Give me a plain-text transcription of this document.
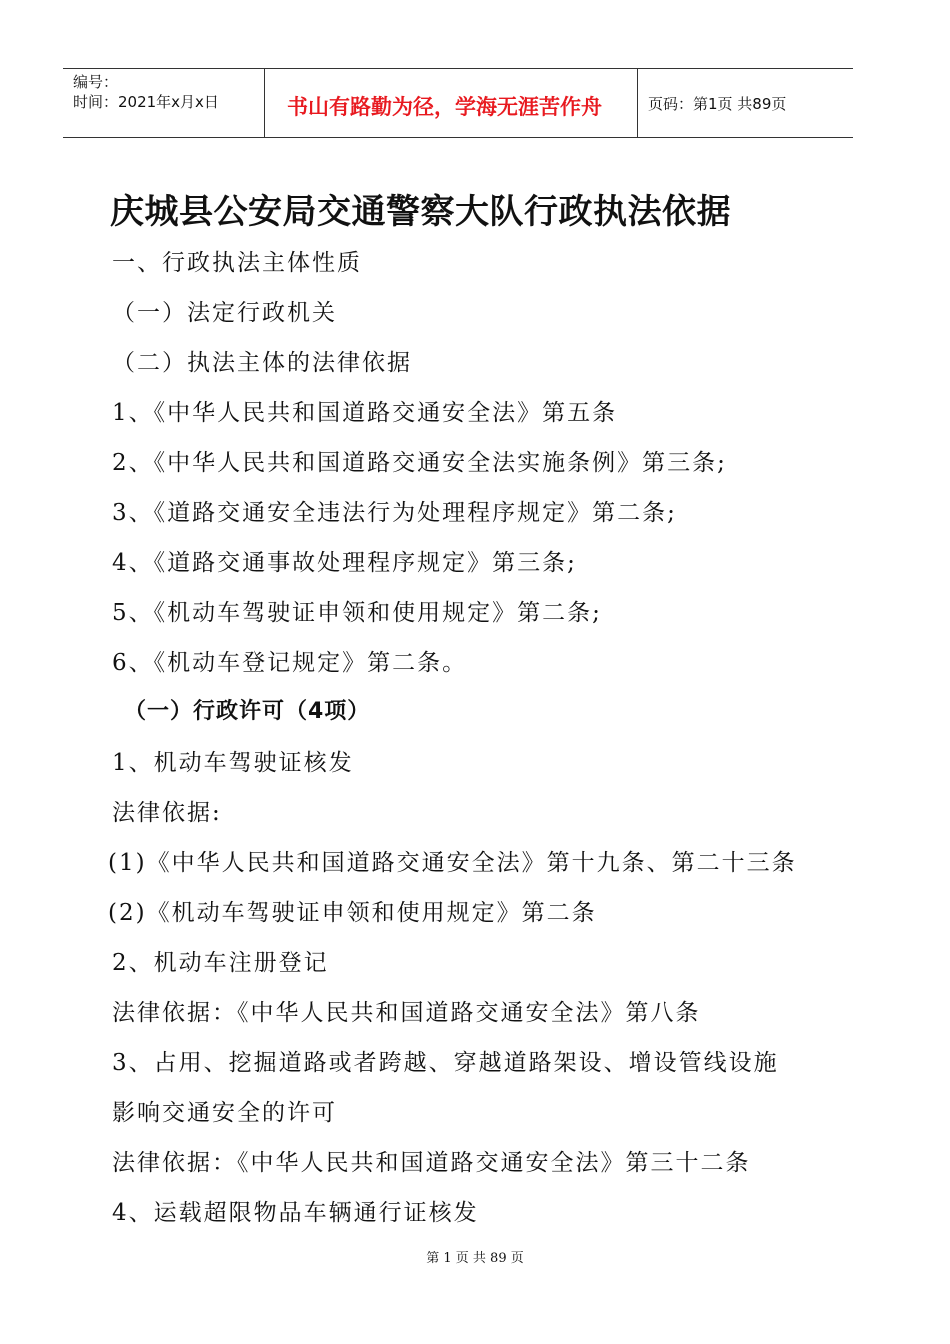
编号：
时间：2021年x月x日	书山有路勤为径，学海无涯苦作舟	页码：第1页 共89页
庆城县公安局交通警察大队行政执法依据
一、行政执法主体性质
（一）法定行政机关
（二）执法主体的法律依据
1、《中华人民共和国道路交通安全法》第五条
2、《中华人民共和国道路交通安全法实施条例》第三条;
3、《道路交通安全违法行为处理程序规定》第二条;
4、《道路交通事故处理程序规定》第三条;
5、《机动车驾驶证申领和使用规定》第二条;
6、《机动车登记规定》第二条。
（一）行政许可（4项）
1、机动车驾驶证核发
法律依据:
(1)《中华人民共和国道路交通安全法》第十九条、第二十三条
(2)《机动车驾驶证申领和使用规定》第二条
2、机动车注册登记
法律依据：《中华人民共和国道路交通安全法》第八条
3、占用、挖掘道路或者跨越、穿越道路架设、增设管线设施
影响交通安全的许可
法律依据：《中华人民共和国道路交通安全法》第三十二条
4、运载超限物品车辆通行证核发
第 1 页 共 89 页
